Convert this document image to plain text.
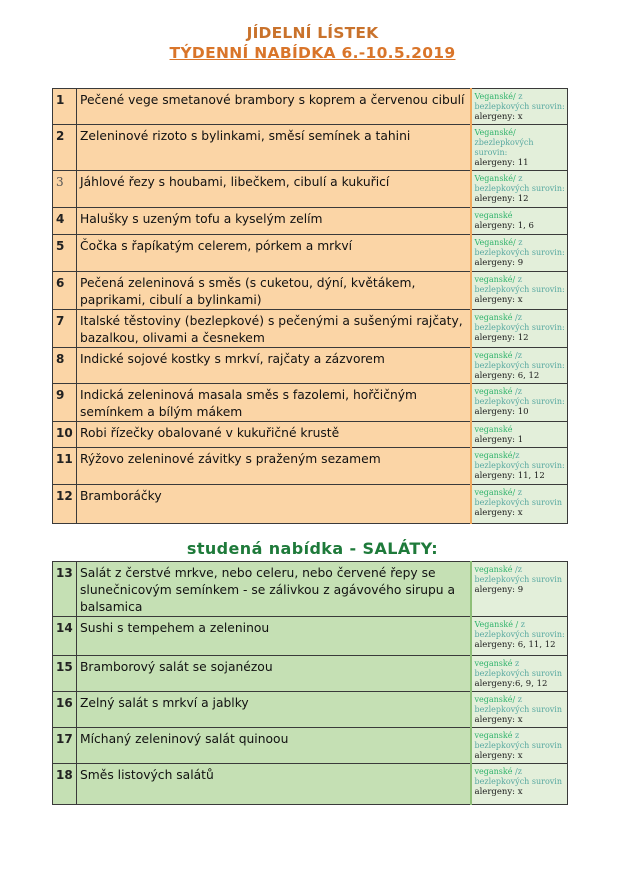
JÍDELNÍ LÍSTEK
TÝDENNÍ NABÍDKA 6.-10.5.2019
1	Pečené vege smetanové brambory s koprem a červenou cibulí	Veganské/ z bezlepkových surovin:
alergeny: x
2	Zeleninové rizoto s bylinkami, směsí semínek a tahini	Veganské/ zbezlepkových surovin:
alergeny: 11
3	Jáhlové řezy s houbami, libečkem, cibulí a kukuřicí	Veganské/ z bezlepkových surovin:
alergeny: 12
4	Halušky s uzeným tofu a kyselým zelím	veganské
alergeny: 1, 6
5	Čočka s řapíkatým celerem, pórkem a mrkví	Veganské/ z bezlepkových surovin:
alergeny: 9
6	Pečená zeleninová s směs (s cuketou, dýní, květákem, paprikami, cibulí a bylinkami)	veganské/ z bezlepkových surovin:
alergeny: x
7	Italské těstoviny (bezlepkové) s pečenými a sušenými rajčaty, bazalkou, olivami a česnekem	veganské /z bezlepkových surovin:
alergeny: 12
8	Indické sojové kostky s mrkví, rajčaty a zázvorem	veganské /z bezlepkových surovin:
alergeny: 6, 12
9	Indická zeleninová masala směs s fazolemi, hořčičným semínkem a bílým mákem	veganské /z bezlepkových surovin:
alergeny: 10
10	Robi řízečky obalované v kukuřičné krustě	veganské
alergeny: 1
11	Rýžovo zeleninové závitky s praženým sezamem	veganské/z bezlepkových surovin:
alergeny: 11, 12
12	Bramboráčky	veganské/ z bezlepkových surovin
alergeny: x
studená nabídka - SALÁTY:
13	Salát z čerstvé mrkve, nebo celeru, nebo červené řepy se slunečnicovým semínkem - se zálivkou z agávového sirupu a balsamica	veganské /z bezlepkových surovin
alergeny: 9
14	Sushi s tempehem a zeleninou	Veganské / z bezlepkových surovin:
alergeny: 6, 11, 12
15	Bramborový salát se sojanézou	veganské z bezlepkových surovin
alergeny:6, 9, 12
16	Zelný salát s mrkví a jablky	veganské/ z bezlepkových surovin
alergeny: x
17	Míchaný zeleninový salát quinoou	veganské z bezlepkových surovin
alergeny: x
18	Směs listových salátů	veganské /z bezlepkových surovin
alergeny: x
